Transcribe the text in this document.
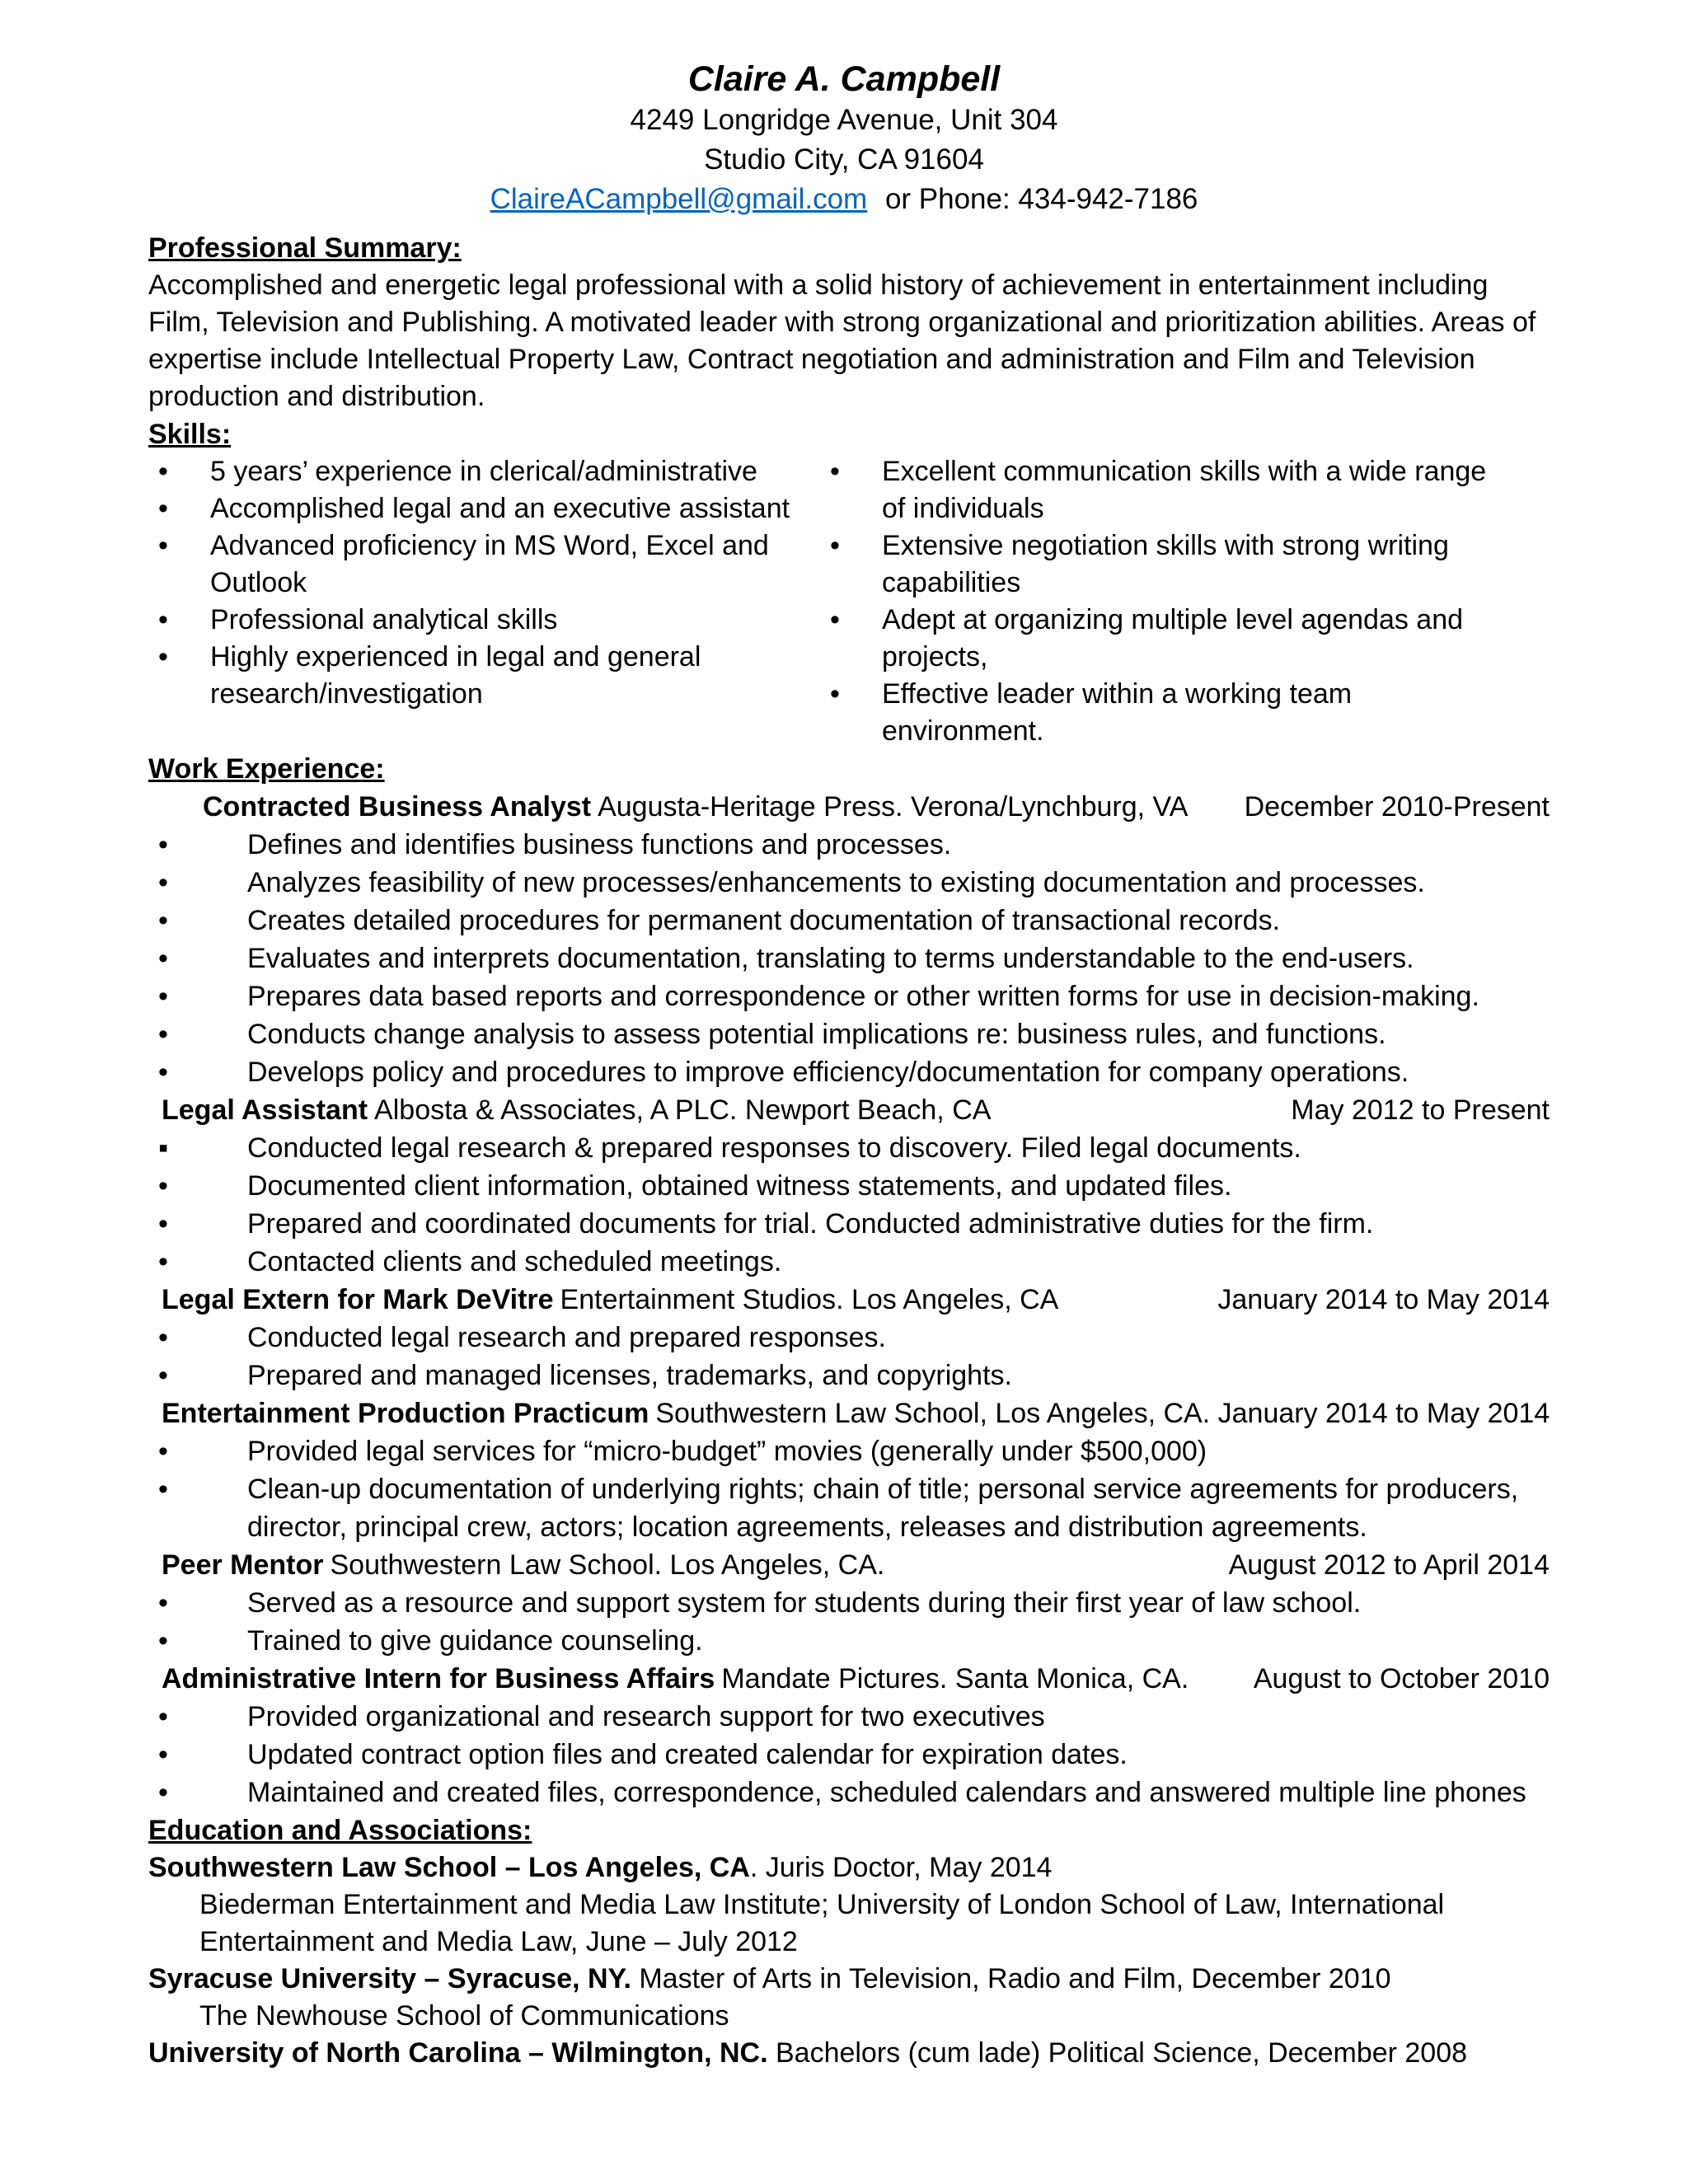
Claire A. Campbell
4249 Longridge Avenue, Unit 304
Studio City, CA 91604
ClaireACampbell@gmail.com or Phone: 434-942-7186
Professional Summary:

Accomplished and energetic legal professional with a solid history of achievement in entertainment including Film, Television and Publishing. A motivated leader with strong organizational and prioritization abilities. Areas of expertise include Intellectual Property Law, Contract negotiation and administration and Film and Television production and distribution.

Skills:
• 5 years’ experience in clerical/administrative
• Accomplished legal and an executive assistant
• Advanced proficiency in MS Word, Excel and Outlook
• Professional analytical skills
• Highly experienced in legal and general research/investigation
• Excellent communication skills with a wide range of individuals
• Extensive negotiation skills with strong writing capabilities
• Adept at organizing multiple level agendas and projects,
• Effective leader within a working team environment.
Work Experience:
Contracted Business Analyst Augusta-Heritage Press. Verona/Lynchburg, VA	December 2010-Present
• Defines and identifies business functions and processes.
• Analyzes feasibility of new processes/enhancements to existing documentation and processes.
• Creates detailed procedures for permanent documentation of transactional records.
• Evaluates and interprets documentation, translating to terms understandable to the end-users.
• Prepares data based reports and correspondence or other written forms for use in decision-making.
• Conducts change analysis to assess potential implications re: business rules, and functions.
• Develops policy and procedures to improve efficiency/documentation for company operations.
Legal Assistant Albosta & Associates, A PLC. Newport Beach, CA	May 2012 to Present
▪ Conducted legal research & prepared responses to discovery. Filed legal documents.
• Documented client information, obtained witness statements, and updated files.
• Prepared and coordinated documents for trial. Conducted administrative duties for the firm.
• Contacted clients and scheduled meetings.
Legal Extern for Mark DeVitre Entertainment Studios. Los Angeles, CA	January 2014 to May 2014
• Conducted legal research and prepared responses.
• Prepared and managed licenses, trademarks, and copyrights.
Entertainment Production Practicum Southwestern Law School, Los Angeles, CA. January 2014 to May 2014
• Provided legal services for “micro-budget” movies (generally under $500,000)
• Clean-up documentation of underlying rights; chain of title; personal service agreements for producers, director, principal crew, actors; location agreements, releases and distribution agreements.
Peer Mentor Southwestern Law School. Los Angeles, CA.	August 2012 to April 2014
• Served as a resource and support system for students during their first year of law school.
• Trained to give guidance counseling.
Administrative Intern for Business Affairs Mandate Pictures. Santa Monica, CA.	August to October 2010
• Provided organizational and research support for two executives
• Updated contract option files and created calendar for expiration dates.
• Maintained and created files, correspondence, scheduled calendars and answered multiple line phones
Education and Associations:
Southwestern Law School – Los Angeles, CA. Juris Doctor, May 2014
Biederman Entertainment and Media Law Institute; University of London School of Law, International Entertainment and Media Law, June – July 2012
Syracuse University – Syracuse, NY. Master of Arts in Television, Radio and Film, December 2010
The Newhouse School of Communications
University of North Carolina – Wilmington, NC. Bachelors (cum lade) Political Science, December 2008
